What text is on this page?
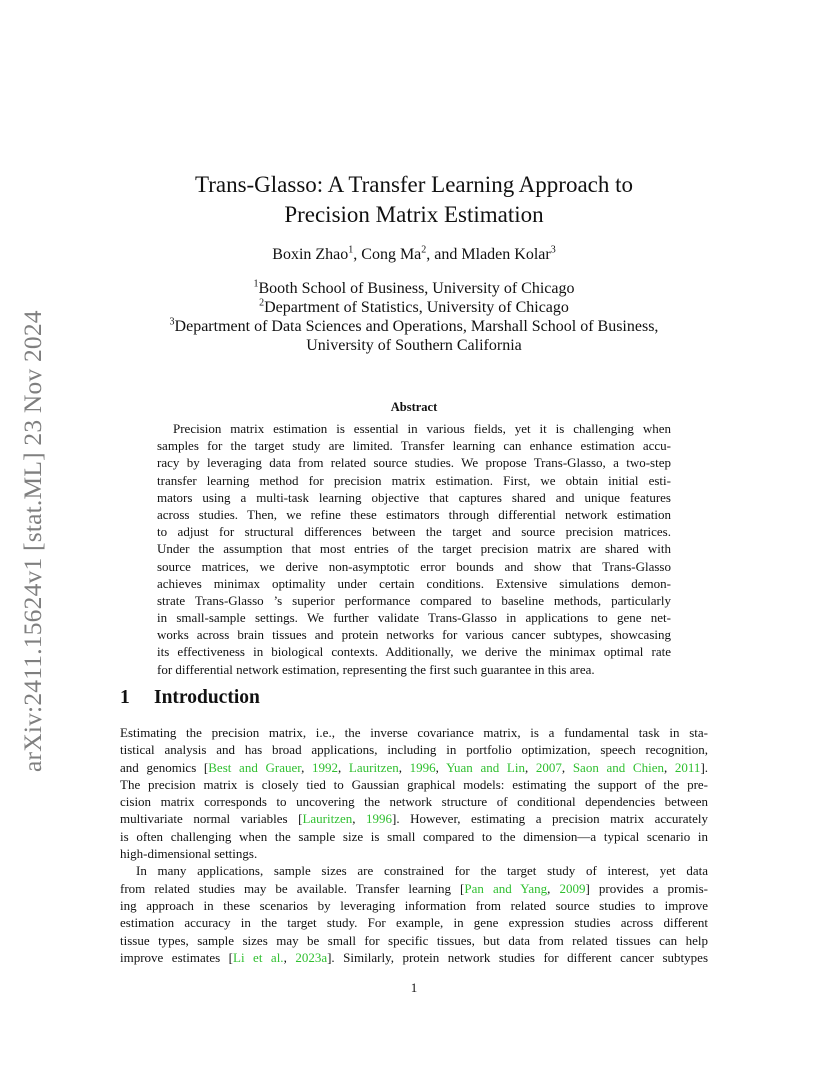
arXiv:2411.15624v1 [stat.ML] 23 Nov 2024
Trans-Glasso: A Transfer Learning Approach to
Precision Matrix Estimation
Boxin Zhao$^1$, Cong Ma$^2$, and Mladen Kolar$^3$
$^1$Booth School of Business, University of Chicago
$^2$Department of Statistics, University of Chicago
$^3$Department of Data Sciences and Operations, Marshall School of Business,
University of Southern California
Abstract
Precision matrix estimation is essential in various fields, yet it is challenging when
samples for the target study are limited. Transfer learning can enhance estimation accu-
racy by leveraging data from related source studies. We propose Trans-Glasso, a two-step
transfer learning method for precision matrix estimation. First, we obtain initial esti-
mators using a multi-task learning objective that captures shared and unique features
across studies. Then, we refine these estimators through differential network estimation
to adjust for structural differences between the target and source precision matrices.
Under the assumption that most entries of the target precision matrix are shared with
source matrices, we derive non-asymptotic error bounds and show that Trans-Glasso
achieves minimax optimality under certain conditions. Extensive simulations demon-
strate Trans-Glasso ’s superior performance compared to baseline methods, particularly
in small-sample settings. We further validate Trans-Glasso in applications to gene net-
works across brain tissues and protein networks for various cancer subtypes, showcasing
its effectiveness in biological contexts. Additionally, we derive the minimax optimal rate
for differential network estimation, representing the first such guarantee in this area.
1 Introduction
Estimating the precision matrix, i.e., the inverse covariance matrix, is a fundamental task in sta-
tistical analysis and has broad applications, including in portfolio optimization, speech recognition,
and genomics [Best and Grauer, 1992, Lauritzen, 1996, Yuan and Lin, 2007, Saon and Chien, 2011].
The precision matrix is closely tied to Gaussian graphical models: estimating the support of the pre-
cision matrix corresponds to uncovering the network structure of conditional dependencies between
multivariate normal variables [Lauritzen, 1996]. However, estimating a precision matrix accurately
is often challenging when the sample size is small compared to the dimension—a typical scenario in
high-dimensional settings.
In many applications, sample sizes are constrained for the target study of interest, yet data
from related studies may be available. Transfer learning [Pan and Yang, 2009] provides a promis-
ing approach in these scenarios by leveraging information from related source studies to improve
estimation accuracy in the target study. For example, in gene expression studies across different
tissue types, sample sizes may be small for specific tissues, but data from related tissues can help
improve estimates [Li et al., 2023a]. Similarly, protein network studies for different cancer subtypes
1
